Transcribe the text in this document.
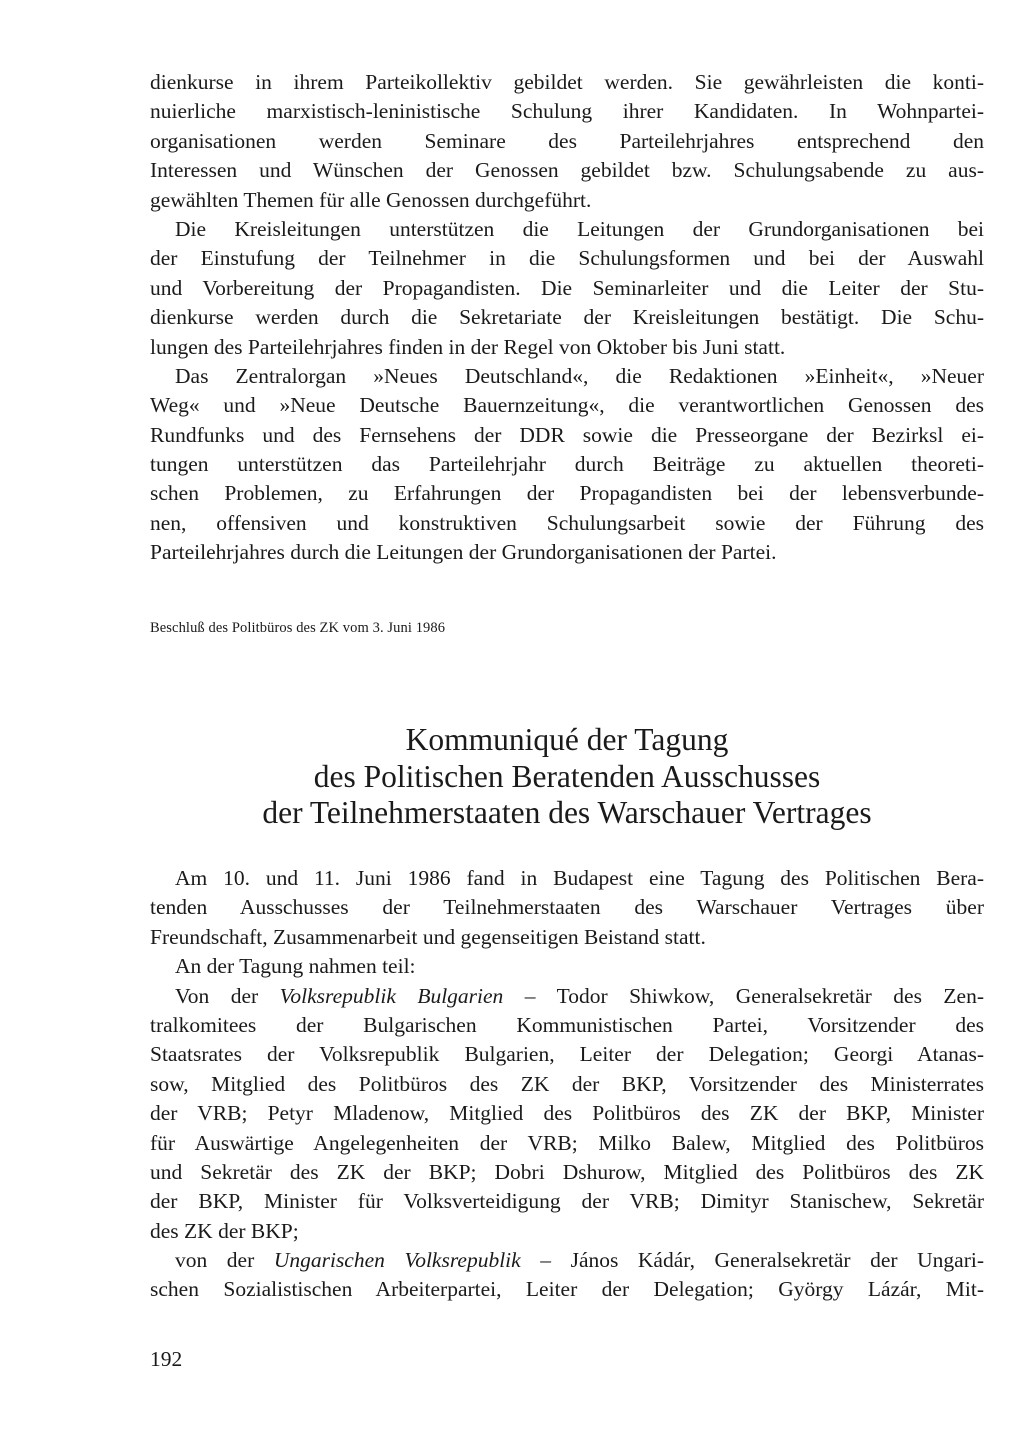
dienkurse in ihrem Parteikollektiv gebildet werden. Sie gewährleisten die konti-
nuierliche marxistisch-leninistische Schulung ihrer Kandidaten. In Wohnpartei-
organisationen werden Seminare des Parteilehrjahres entsprechend den
Interessen und Wünschen der Genossen gebildet bzw. Schulungsabende zu aus-
gewählten Themen für alle Genossen durchgeführt.
Die Kreisleitungen unterstützen die Leitungen der Grundorganisationen bei
der Einstufung der Teilnehmer in die Schulungsformen und bei der Auswahl
und Vorbereitung der Propagandisten. Die Seminarleiter und die Leiter der Stu-
dienkurse werden durch die Sekretariate der Kreisleitungen bestätigt. Die Schu-
lungen des Parteilehrjahres finden in der Regel von Oktober bis Juni statt.
Das Zentralorgan »Neues Deutschland«, die Redaktionen »Einheit«, »Neuer
Weg« und »Neue Deutsche Bauernzeitung«, die verantwortlichen Genossen des
Rundfunks und des Fernsehens der DDR sowie die Presseorgane der Bezirksl ei-
tungen unterstützen das Parteilehrjahr durch Beiträge zu aktuellen theoreti-
schen Problemen, zu Erfahrungen der Propagandisten bei der lebensverbunde-
nen, offensiven und konstruktiven Schulungsarbeit sowie der Führung des
Parteilehrjahres durch die Leitungen der Grundorganisationen der Partei.
Beschluß des Politbüros des ZK vom 3. Juni 1986
Kommuniqué der Tagung
des Politischen Beratenden Ausschusses
der Teilnehmerstaaten des Warschauer Vertrages
Am 10. und 11. Juni 1986 fand in Budapest eine Tagung des Politischen Bera-
tenden Ausschusses der Teilnehmerstaaten des Warschauer Vertrages über
Freundschaft, Zusammenarbeit und gegenseitigen Beistand statt.
An der Tagung nahmen teil:
Von der Volksrepublik Bulgarien – Todor Shiwkow, Generalsekretär des Zen-
tralkomitees der Bulgarischen Kommunistischen Partei, Vorsitzender des
Staatsrates der Volksrepublik Bulgarien, Leiter der Delegation; Georgi Atanas-
sow, Mitglied des Politbüros des ZK der BKP, Vorsitzender des Ministerrates
der VRB; Petyr Mladenow, Mitglied des Politbüros des ZK der BKP, Minister
für Auswärtige Angelegenheiten der VRB; Milko Balew, Mitglied des Politbüros
und Sekretär des ZK der BKP; Dobri Dshurow, Mitglied des Politbüros des ZK
der BKP, Minister für Volksverteidigung der VRB; Dimityr Stanischew, Sekretär
des ZK der BKP;
von der Ungarischen Volksrepublik – János Kádár, Generalsekretär der Ungari-
schen Sozialistischen Arbeiterpartei, Leiter der Delegation; György Lázár, Mit-
192
